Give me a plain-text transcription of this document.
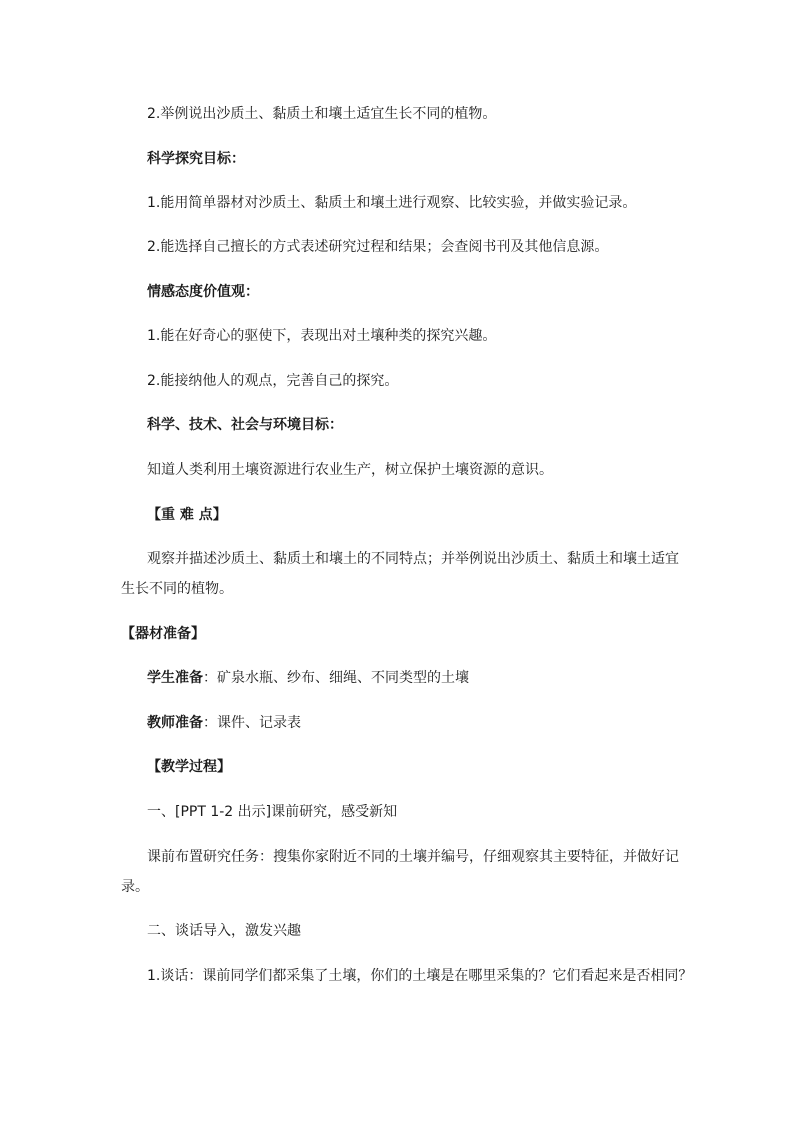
2.举例说出沙质土、黏质土和壤土适宜生长不同的植物。
科学探究目标：
1.能用简单器材对沙质土、黏质土和壤土进行观察、比较实验，并做实验记录。
2.能选择自己擅长的方式表述研究过程和结果；会查阅书刊及其他信息源。
情感态度价值观：
1.能在好奇心的驱使下，表现出对土壤种类的探究兴趣。
2.能接纳他人的观点，完善自己的探究。
科学、技术、社会与环境目标：
知道人类利用土壤资源进行农业生产，树立保护土壤资源的意识。
【重 难 点】
观察并描述沙质土、黏质土和壤土的不同特点；并举例说出沙质土、黏质土和壤土适宜
生长不同的植物。
【器材准备】
学生准备：矿泉水瓶、纱布、细绳、不同类型的土壤
教师准备：课件、记录表
【教学过程】
一、[PPT 1-2 出示]课前研究，感受新知
课前布置研究任务：搜集你家附近不同的土壤并编号，仔细观察其主要特征，并做好记
录。
二、谈话导入，激发兴趣
1.谈话：课前同学们都采集了土壤，你们的土壤是在哪里采集的？它们看起来是否相同？
